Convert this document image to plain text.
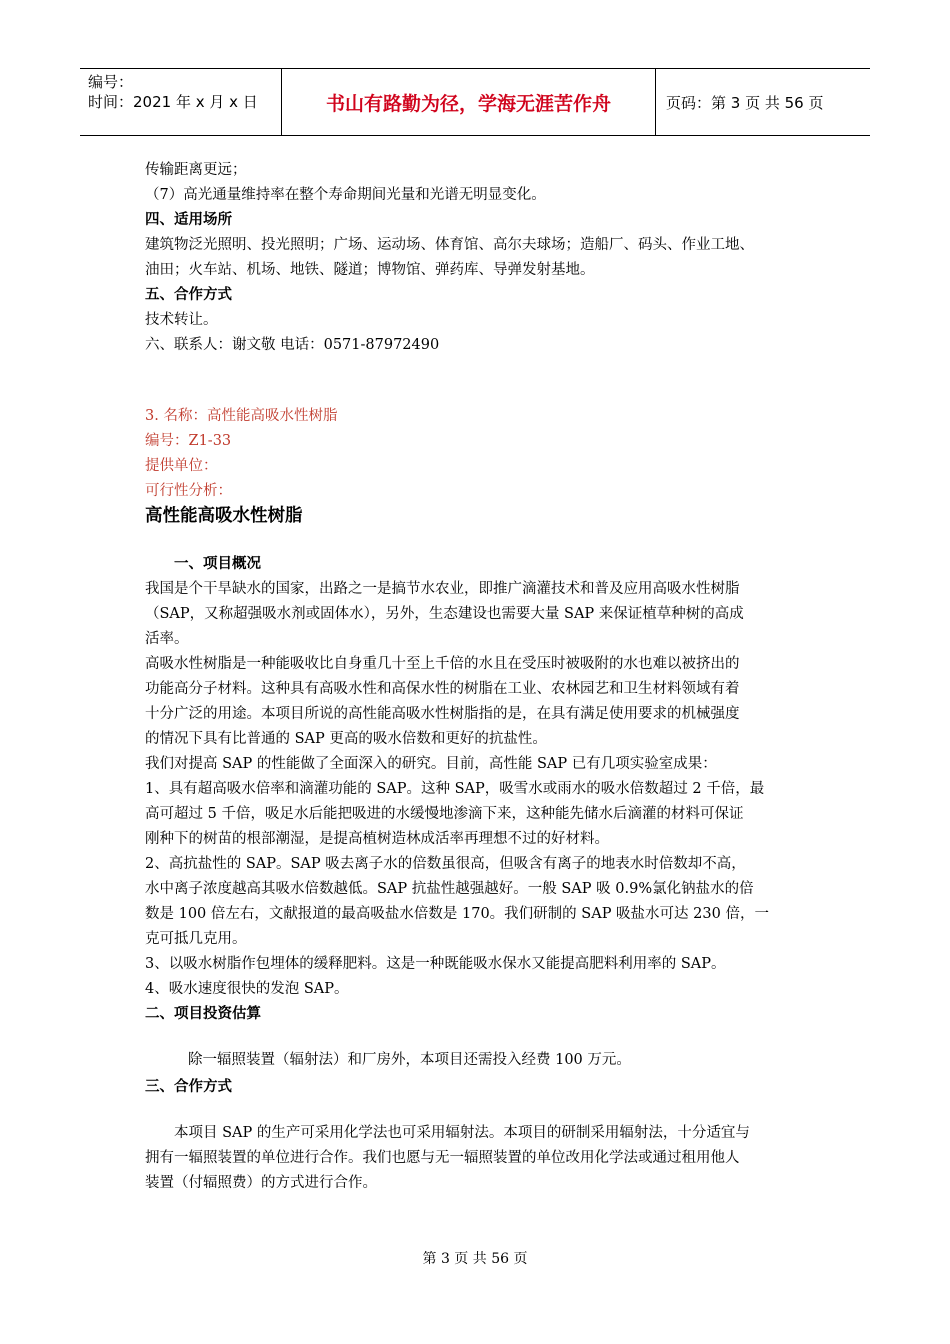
编号：
时间：2021 年 x 月 x 日	书山有路勤为径，学海无涯苦作舟	页码：第 3 页 共 56 页
传输距离更远；
（7）高光通量维持率在整个寿命期间光量和光谱无明显变化。
四、适用场所
建筑物泛光照明、投光照明；广场、运动场、体育馆、高尔夫球场；造船厂、码头、作业工地、
油田；火车站、机场、地铁、隧道；博物馆、弹药库、导弹发射基地。
五、合作方式
技术转让。
六、联系人：谢文敬 电话：0571-87972490
3. 名称：高性能高吸水性树脂
编号：Z1-33
提供单位：
可行性分析：
高性能高吸水性树脂
一、项目概况
我国是个干旱缺水的国家，出路之一是搞节水农业，即推广滴灌技术和普及应用高吸水性树脂
（SAP，又称超强吸水剂或固体水），另外，生态建设也需要大量 SAP 来保证植草种树的高成
活率。
高吸水性树脂是一种能吸收比自身重几十至上千倍的水且在受压时被吸附的水也难以被挤出的
功能高分子材料。这种具有高吸水性和高保水性的树脂在工业、农林园艺和卫生材料领域有着
十分广泛的用途。本项目所说的高性能高吸水性树脂指的是，在具有满足使用要求的机械强度
的情况下具有比普通的 SAP 更高的吸水倍数和更好的抗盐性。
我们对提高 SAP 的性能做了全面深入的研究。目前，高性能 SAP 已有几项实验室成果：
1、具有超高吸水倍率和滴灌功能的 SAP。这种 SAP，吸雪水或雨水的吸水倍数超过 2 千倍，最
高可超过 5 千倍，吸足水后能把吸进的水缓慢地渗滴下来，这种能先储水后滴灌的材料可保证
刚种下的树苗的根部潮湿，是提高植树造林成活率再理想不过的好材料。
2、高抗盐性的 SAP。SAP 吸去离子水的倍数虽很高，但吸含有离子的地表水时倍数却不高，
水中离子浓度越高其吸水倍数越低。SAP 抗盐性越强越好。一般 SAP 吸 0.9%氯化钠盐水的倍
数是 100 倍左右，文献报道的最高吸盐水倍数是 170。我们研制的 SAP 吸盐水可达 230 倍，一
克可抵几克用。
3、以吸水树脂作包埋体的缓释肥料。这是一种既能吸水保水又能提高肥料利用率的 SAP。
4、吸水速度很快的发泡 SAP。
二、项目投资估算
除一辐照装置（辐射法）和厂房外，本项目还需投入经费 100 万元。
三、合作方式
本项目 SAP 的生产可采用化学法也可采用辐射法。本项目的研制采用辐射法，十分适宜与
拥有一辐照装置的单位进行合作。我们也愿与无一辐照装置的单位改用化学法或通过租用他人
装置（付辐照费）的方式进行合作。
第 3 页 共 56 页
